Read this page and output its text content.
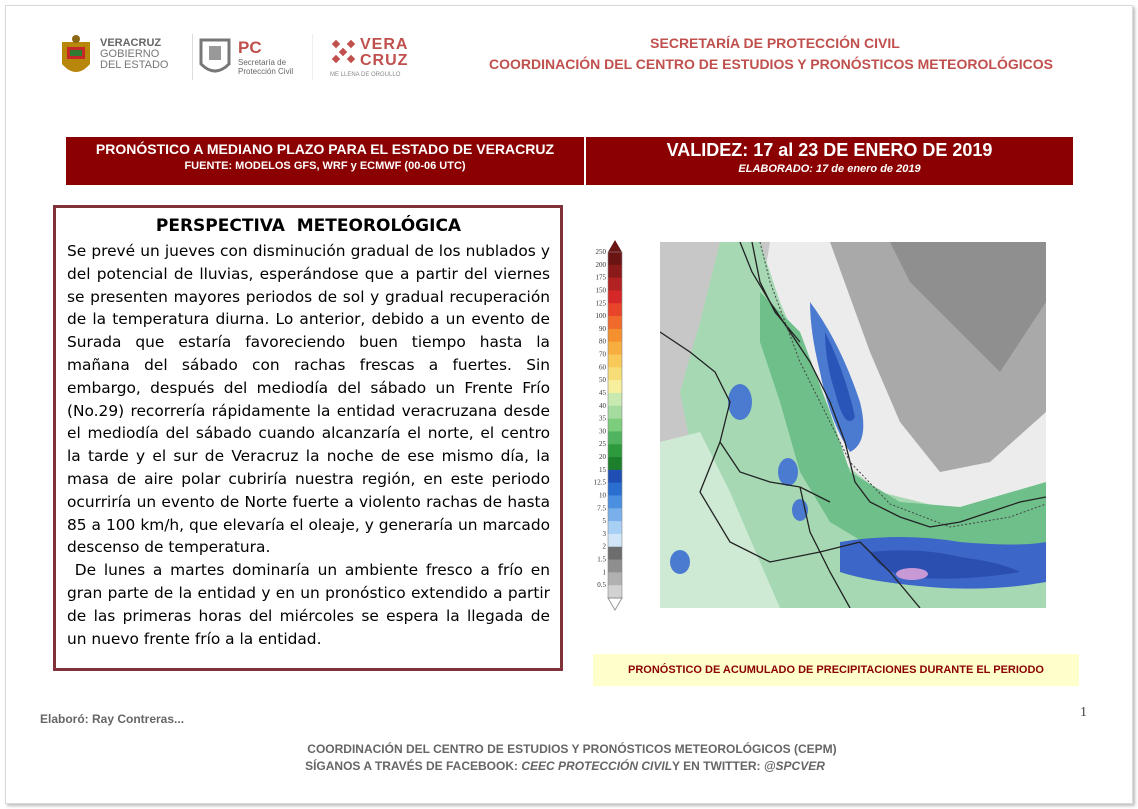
VERACRUZ
GOBIERNO
DEL ESTADO
PC
Secretaría de
Protección Civil
VERA
CRUZ
ME LLENA DE ORGULLO
SECRETARÍA DE PROTECCIÓN CIVIL
COORDINACIÓN DEL CENTRO DE ESTUDIOS Y PRONÓSTICOS METEOROLÓGICOS
PRONÓSTICO A MEDIANO PLAZO PARA EL ESTADO DE VERACRUZ
FUENTE: MODELOS GFS, WRF y ECMWF (00-06 UTC)
VALIDEZ: 17 al 23 DE ENERO DE 2019
ELABORADO: 17 de enero de 2019
PERSPECTIVA  METEOROLÓGICA

Se prevé un jueves con disminución gradual de los nublados y del potencial de lluvias, esperándose que a partir del viernes se presenten mayores periodos de sol y gradual recuperación de la temperatura diurna. Lo anterior, debido a un evento de Surada que estaría favoreciendo buen tiempo hasta la mañana del sábado con rachas frescas a fuertes. Sin embargo, después del mediodía del sábado un Frente Frío (No.29) recorrería rápidamente la entidad veracruzana desde el mediodía del sábado cuando alcanzaría el norte, el centro la tarde y el sur de Veracruz la noche de ese mismo día, la masa de aire polar cubriría nuestra región, en este periodo ocurriría un evento de Norte fuerte a violento rachas de hasta 85 a 100 km/h, que elevaría el oleaje, y generaría un marcado descenso de temperatura.

De lunes a martes dominaría un ambiente fresco a frío en gran parte de la entidad y en un pronóstico extendido a partir de las primeras horas del miércoles se espera la llegada de un nuevo frente frío a la entidad.

250
200
175
150
125
100
90
80
70
60
50
45
40
35
30
25
20
15
12.5
10
7.5
5
3
2
1.5
1
0.5
PRONÓSTICO DE ACUMULADO DE PRECIPITACIONES DURANTE EL PERIODO
1
Elaboró: Ray Contreras...
COORDINACIÓN DEL CENTRO DE ESTUDIOS Y PRONÓSTICOS METEOROLÓGICOS (CEPM)
SÍGANOS A TRAVÉS DE FACEBOOK: CEEC PROTECCIÓN CIVILY EN TWITTER: @SPCVER
